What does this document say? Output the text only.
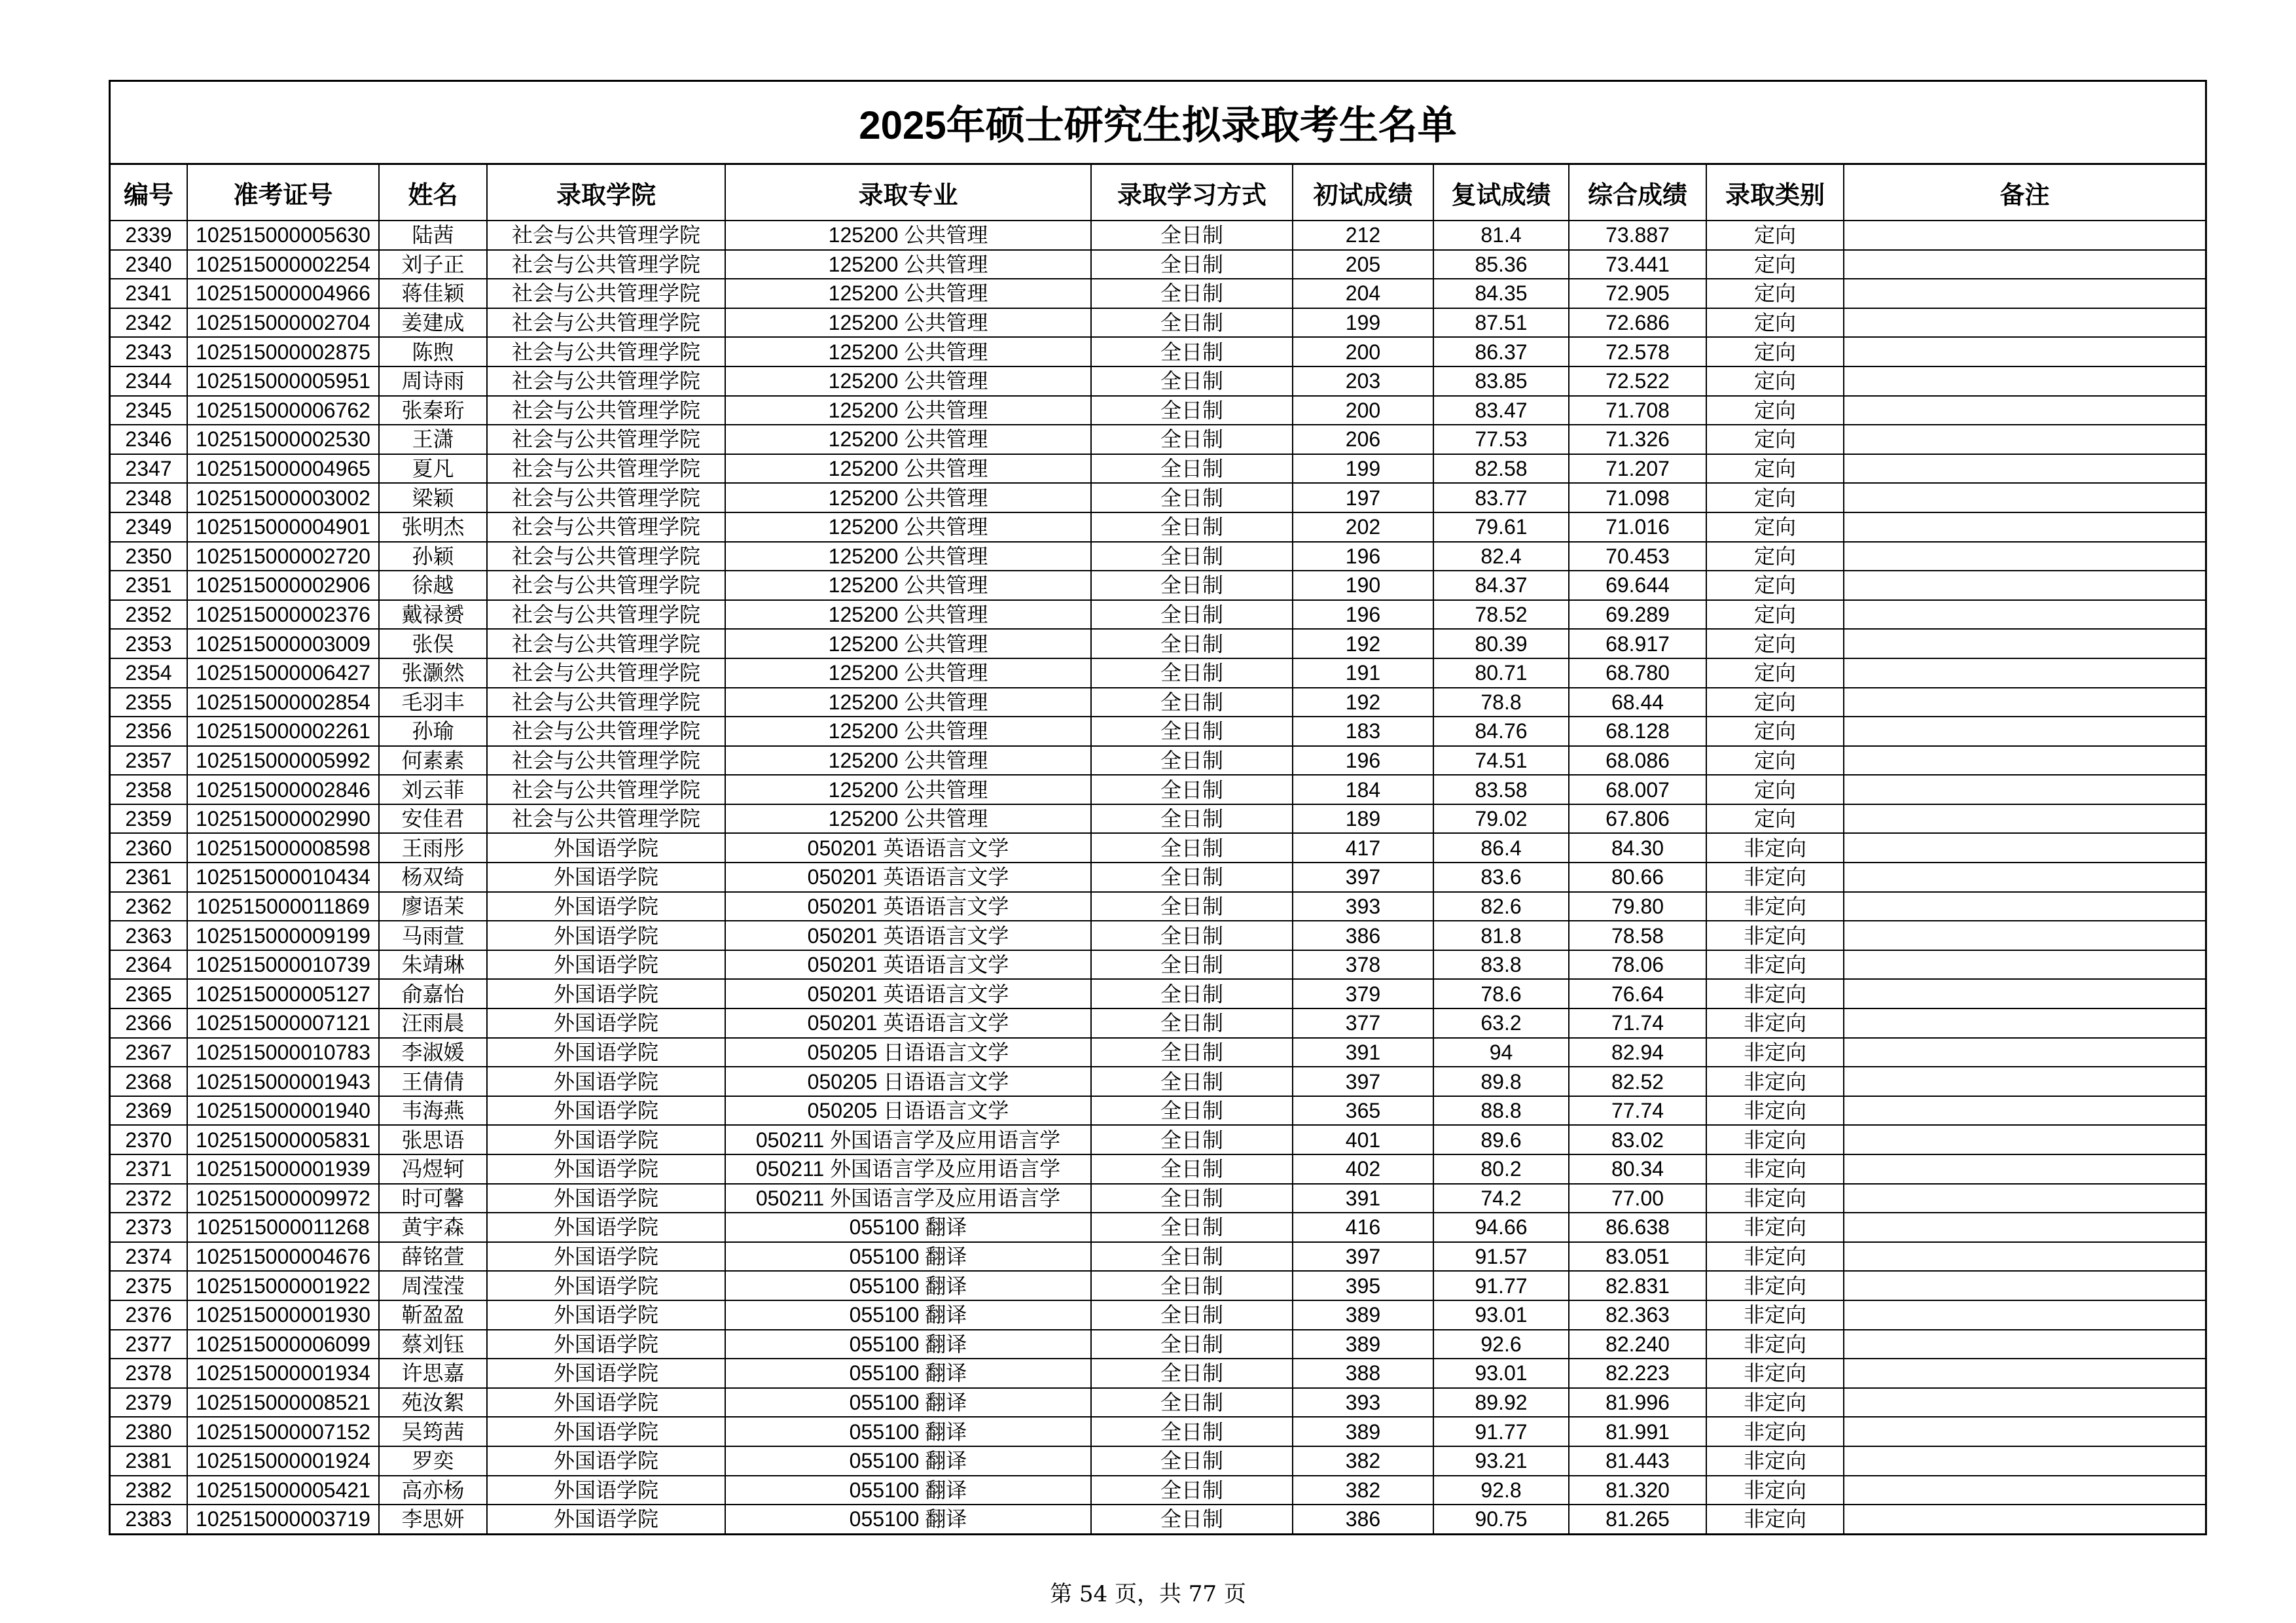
2025年硕士研究生拟录取考生名单
编号	准考证号	姓名	录取学院	录取专业	录取学习方式	初试成绩	复试成绩	综合成绩	录取类别	备注
2339	102515000005630	陆茜	社会与公共管理学院	125200 公共管理	全日制	212	81.4	73.887	定向	
2340	102515000002254	刘子正	社会与公共管理学院	125200 公共管理	全日制	205	85.36	73.441	定向	
2341	102515000004966	蒋佳颖	社会与公共管理学院	125200 公共管理	全日制	204	84.35	72.905	定向	
2342	102515000002704	姜建成	社会与公共管理学院	125200 公共管理	全日制	199	87.51	72.686	定向	
2343	102515000002875	陈煦	社会与公共管理学院	125200 公共管理	全日制	200	86.37	72.578	定向	
2344	102515000005951	周诗雨	社会与公共管理学院	125200 公共管理	全日制	203	83.85	72.522	定向	
2345	102515000006762	张秦珩	社会与公共管理学院	125200 公共管理	全日制	200	83.47	71.708	定向	
2346	102515000002530	王潇	社会与公共管理学院	125200 公共管理	全日制	206	77.53	71.326	定向	
2347	102515000004965	夏凡	社会与公共管理学院	125200 公共管理	全日制	199	82.58	71.207	定向	
2348	102515000003002	梁颖	社会与公共管理学院	125200 公共管理	全日制	197	83.77	71.098	定向	
2349	102515000004901	张明杰	社会与公共管理学院	125200 公共管理	全日制	202	79.61	71.016	定向	
2350	102515000002720	孙颖	社会与公共管理学院	125200 公共管理	全日制	196	82.4	70.453	定向	
2351	102515000002906	徐越	社会与公共管理学院	125200 公共管理	全日制	190	84.37	69.644	定向	
2352	102515000002376	戴禄赟	社会与公共管理学院	125200 公共管理	全日制	196	78.52	69.289	定向	
2353	102515000003009	张俣	社会与公共管理学院	125200 公共管理	全日制	192	80.39	68.917	定向	
2354	102515000006427	张灏然	社会与公共管理学院	125200 公共管理	全日制	191	80.71	68.780	定向	
2355	102515000002854	毛羽丰	社会与公共管理学院	125200 公共管理	全日制	192	78.8	68.44	定向	
2356	102515000002261	孙瑜	社会与公共管理学院	125200 公共管理	全日制	183	84.76	68.128	定向	
2357	102515000005992	何素素	社会与公共管理学院	125200 公共管理	全日制	196	74.51	68.086	定向	
2358	102515000002846	刘云菲	社会与公共管理学院	125200 公共管理	全日制	184	83.58	68.007	定向	
2359	102515000002990	安佳君	社会与公共管理学院	125200 公共管理	全日制	189	79.02	67.806	定向	
2360	102515000008598	王雨彤	外国语学院	050201 英语语言文学	全日制	417	86.4	84.30	非定向	
2361	102515000010434	杨双绮	外国语学院	050201 英语语言文学	全日制	397	83.6	80.66	非定向	
2362	102515000011869	廖语茉	外国语学院	050201 英语语言文学	全日制	393	82.6	79.80	非定向	
2363	102515000009199	马雨萱	外国语学院	050201 英语语言文学	全日制	386	81.8	78.58	非定向	
2364	102515000010739	朱靖琳	外国语学院	050201 英语语言文学	全日制	378	83.8	78.06	非定向	
2365	102515000005127	俞嘉怡	外国语学院	050201 英语语言文学	全日制	379	78.6	76.64	非定向	
2366	102515000007121	汪雨晨	外国语学院	050201 英语语言文学	全日制	377	63.2	71.74	非定向	
2367	102515000010783	李淑媛	外国语学院	050205 日语语言文学	全日制	391	94	82.94	非定向	
2368	102515000001943	王倩倩	外国语学院	050205 日语语言文学	全日制	397	89.8	82.52	非定向	
2369	102515000001940	韦海燕	外国语学院	050205 日语语言文学	全日制	365	88.8	77.74	非定向	
2370	102515000005831	张思语	外国语学院	050211 外国语言学及应用语言学	全日制	401	89.6	83.02	非定向	
2371	102515000001939	冯煜轲	外国语学院	050211 外国语言学及应用语言学	全日制	402	80.2	80.34	非定向	
2372	102515000009972	时可馨	外国语学院	050211 外国语言学及应用语言学	全日制	391	74.2	77.00	非定向	
2373	102515000011268	黄宇森	外国语学院	055100 翻译	全日制	416	94.66	86.638	非定向	
2374	102515000004676	薛铭萱	外国语学院	055100 翻译	全日制	397	91.57	83.051	非定向	
2375	102515000001922	周滢滢	外国语学院	055100 翻译	全日制	395	91.77	82.831	非定向	
2376	102515000001930	靳盈盈	外国语学院	055100 翻译	全日制	389	93.01	82.363	非定向	
2377	102515000006099	蔡刘钰	外国语学院	055100 翻译	全日制	389	92.6	82.240	非定向	
2378	102515000001934	许思嘉	外国语学院	055100 翻译	全日制	388	93.01	82.223	非定向	
2379	102515000008521	苑汝絮	外国语学院	055100 翻译	全日制	393	89.92	81.996	非定向	
2380	102515000007152	吴筠茜	外国语学院	055100 翻译	全日制	389	91.77	81.991	非定向	
2381	102515000001924	罗奕	外国语学院	055100 翻译	全日制	382	93.21	81.443	非定向	
2382	102515000005421	高亦杨	外国语学院	055100 翻译	全日制	382	92.8	81.320	非定向	
2383	102515000003719	李思妍	外国语学院	055100 翻译	全日制	386	90.75	81.265	非定向	
第 54 页，共 77 页
